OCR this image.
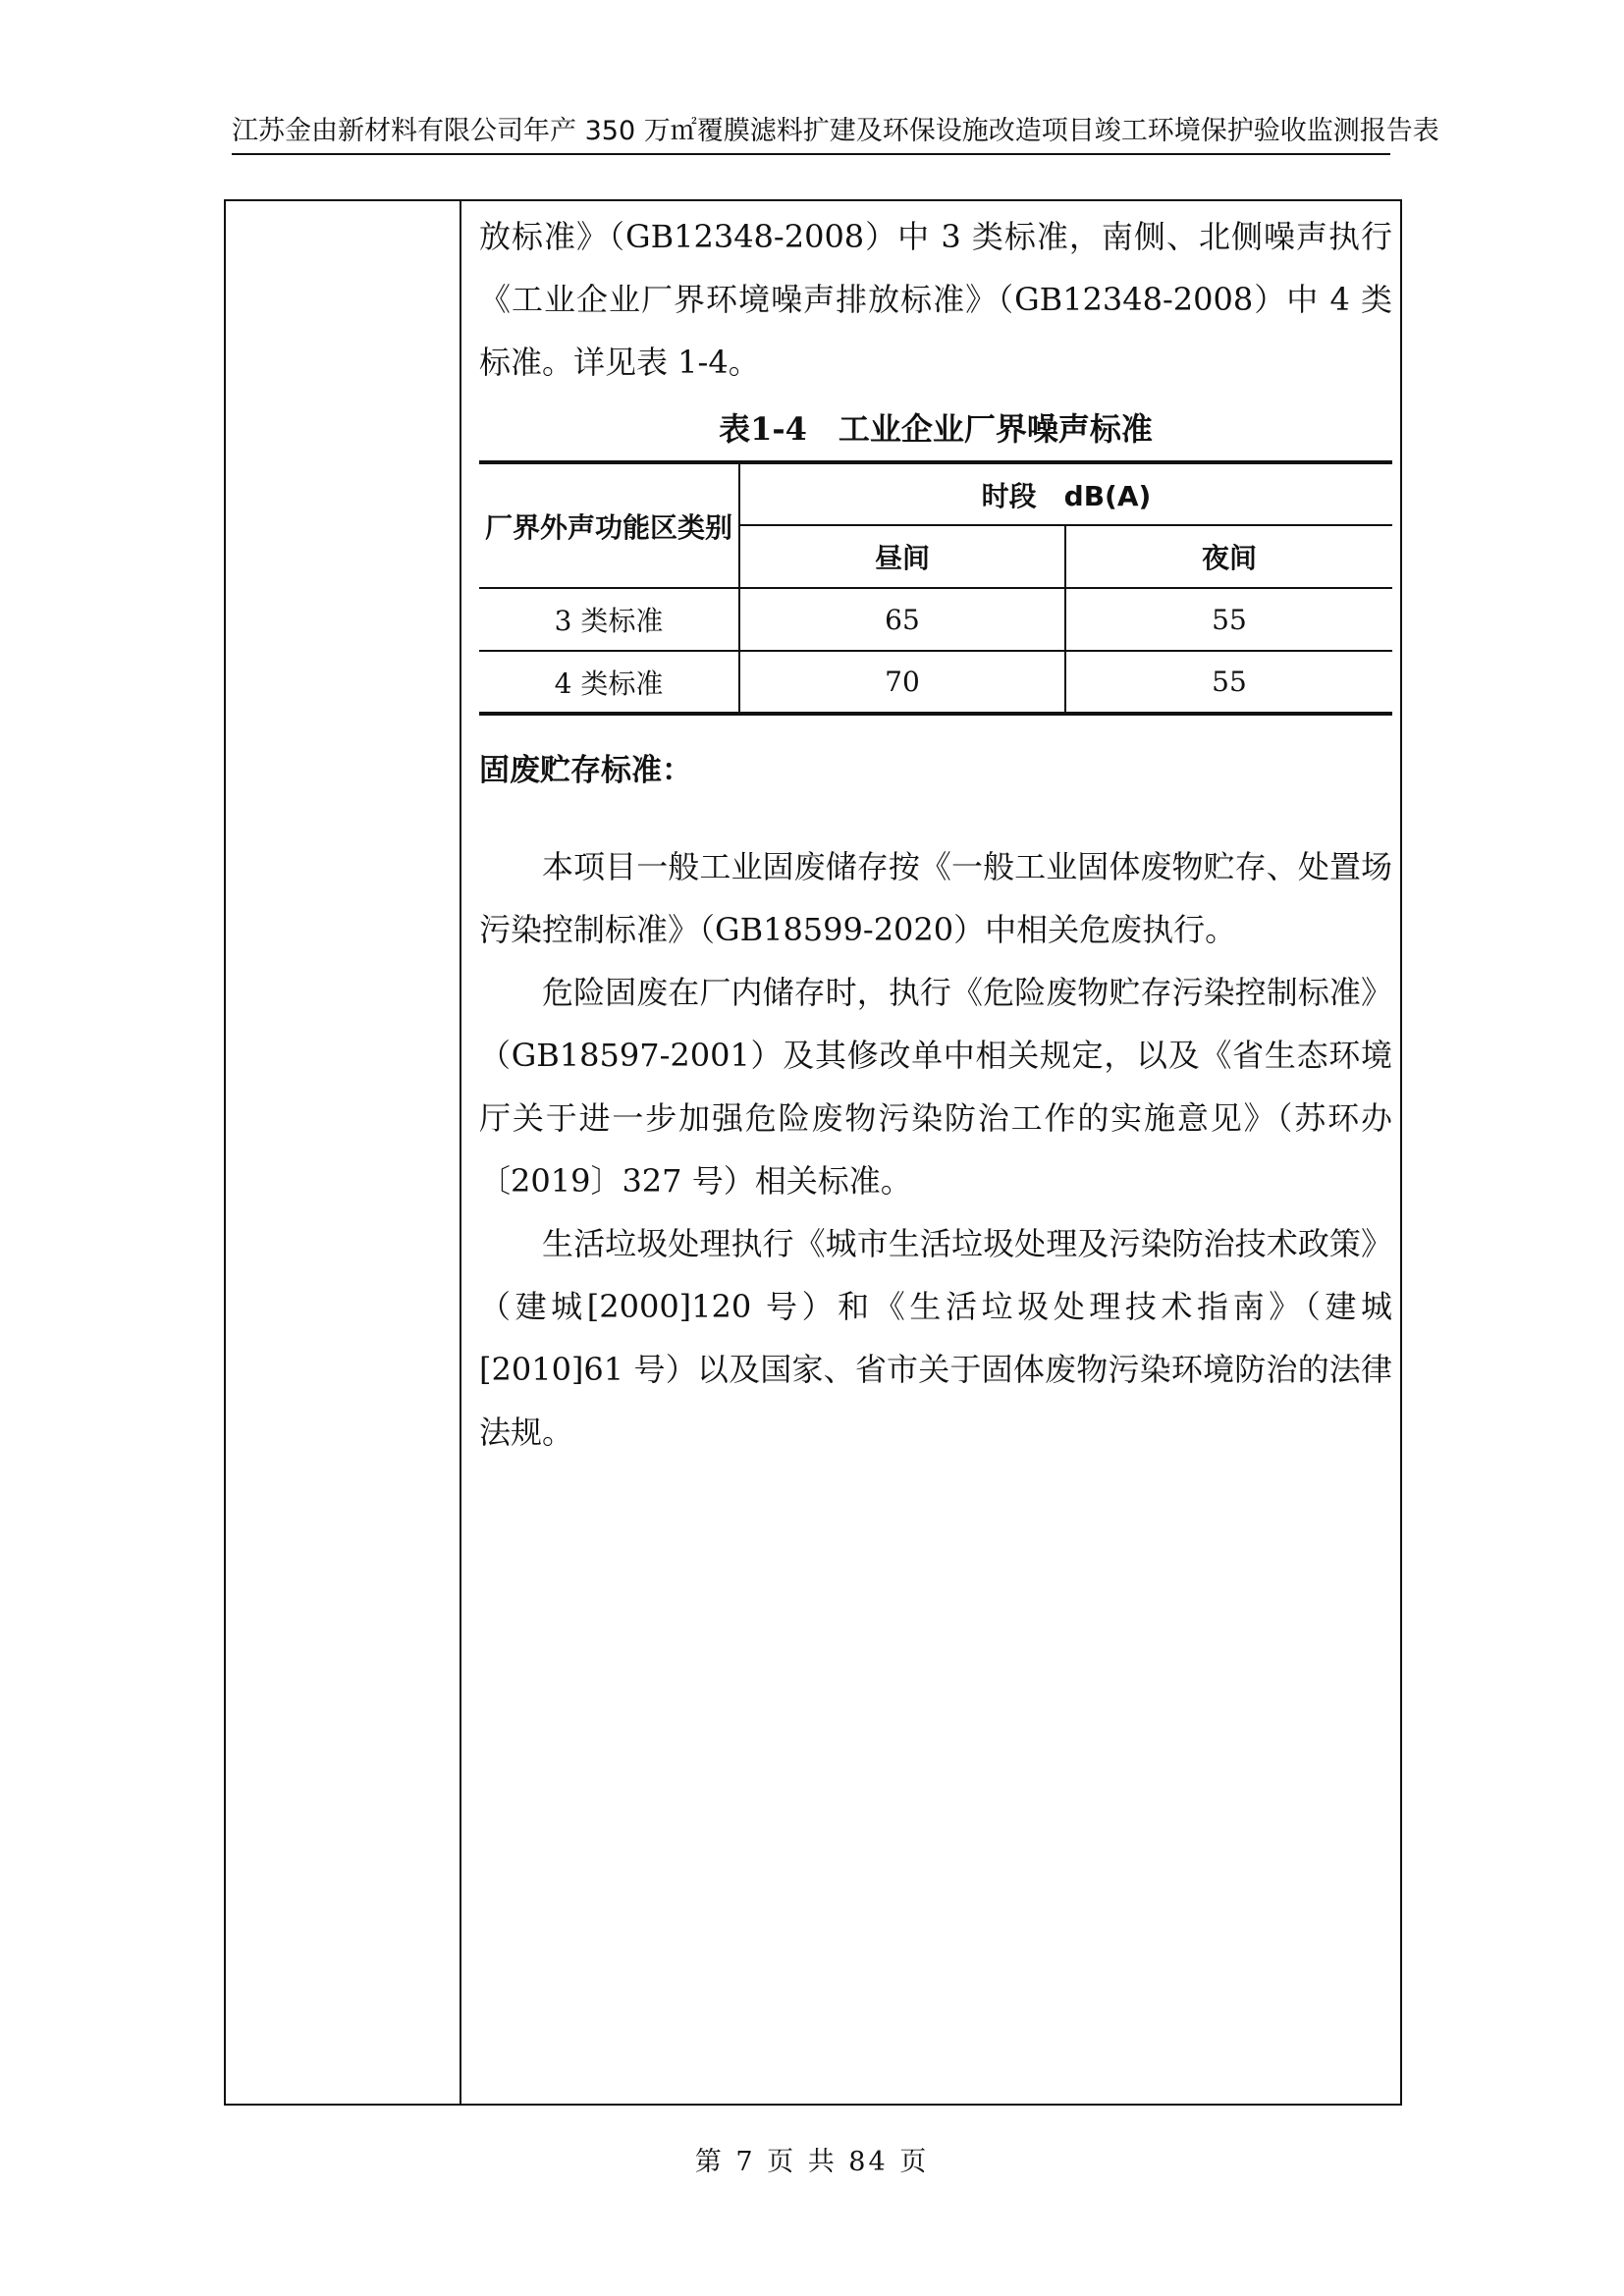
江苏金由新材料有限公司年产 350 万㎡覆膜滤料扩建及环保设施改造项目竣工环境保护验收监测报告表

放标准》（GB12348-2008）中 3 类标准，南侧、北侧噪声执行《工业企业厂界环境噪声排放标准》（GB12348-2008）中 4 类标准。详见表 1-4。

表1-4　工业企业厂界噪声标准
厂界外声功能区类别	时段　dB(A)	
	昼间	夜间
3 类标准	65	55
4 类标准	70	55
固废贮存标准：

本项目一般工业固废储存按《一般工业固体废物贮存、处置场污染控制标准》（GB18599-2020）中相关危废执行。

危险固废在厂内储存时，执行《危险废物贮存污染控制标准》（GB18597-2001）及其修改单中相关规定，以及《省生态环境厅关于进一步加强危险废物污染防治工作的实施意见》（苏环办〔2019〕327 号）相关标准。

生活垃圾处理执行《城市生活垃圾处理及污染防治技术政策》（建城[2000]120 号）和《生活垃圾处理技术指南》（建城[2010]61 号）以及国家、省市关于固体废物污染环境防治的法律法规。

第 7 页 共 84 页
